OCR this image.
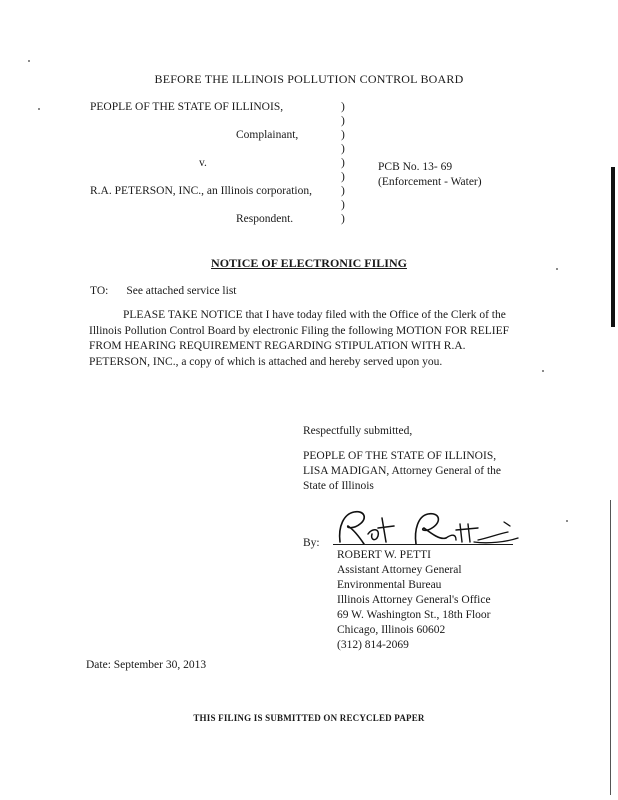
BEFORE THE ILLINOIS POLLUTION CONTROL BOARD
PEOPLE OF THE STATE OF ILLINOIS,
Complainant,
v.
R.A. PETERSON, INC., an Illinois corporation,
Respondent.
)
)
)
)
)
)
)
)
)
PCB No. 13- 69
(Enforcement - Water)
NOTICE OF ELECTRONIC FILING
TO: See attached service list
PLEASE TAKE NOTICE that I have today filed with the Office of the Clerk of the Illinois Pollution Control Board by electronic Filing the following MOTION FOR RELIEF FROM HEARING REQUIREMENT REGARDING STIPULATION WITH R.A. PETERSON, INC., a copy of which is attached and hereby served upon you.
Respectfully submitted,
PEOPLE OF THE STATE OF ILLINOIS,
LISA MADIGAN, Attorney General of the
State of Illinois
By:
ROBERT W. PETTI
Assistant Attorney General
Environmental Bureau
Illinois Attorney General's Office
69 W. Washington St., 18th Floor
Chicago, Illinois 60602
(312) 814-2069
Date: September 30, 2013
THIS FILING IS SUBMITTED ON RECYCLED PAPER
